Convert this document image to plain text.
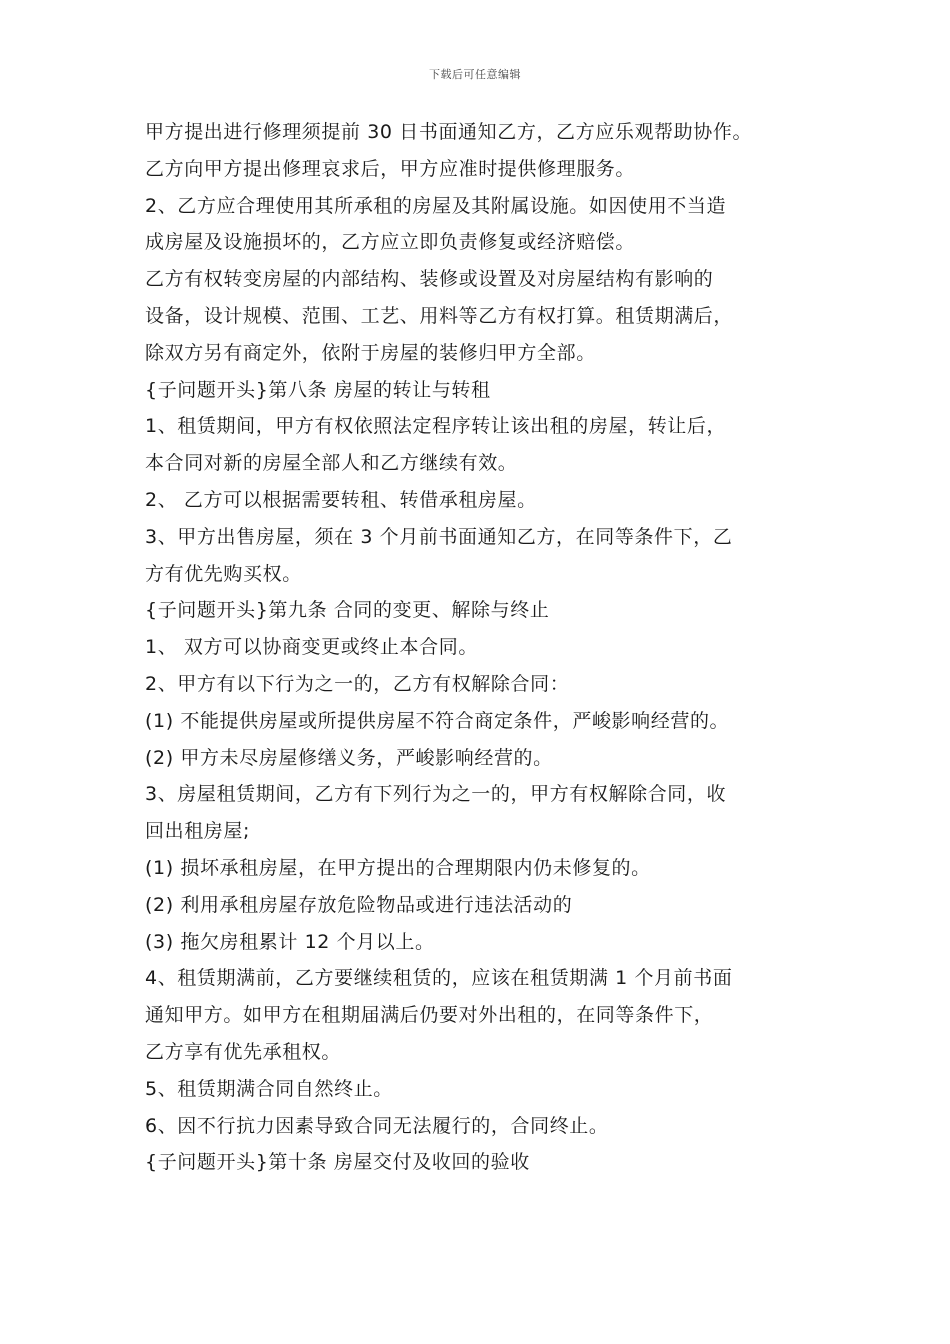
下载后可任意编辑
甲方提出进行修理须提前 30 日书面通知乙方，乙方应乐观帮助协作。
乙方向甲方提出修理哀求后，甲方应准时提供修理服务。
2、乙方应合理使用其所承租的房屋及其附属设施。如因使用不当造
成房屋及设施损坏的，乙方应立即负责修复或经济赔偿。
乙方有权转变房屋的内部结构、装修或设置及对房屋结构有影响的
设备，设计规模、范围、工艺、用料等乙方有权打算。租赁期满后，
除双方另有商定外，依附于房屋的装修归甲方全部。
{子问题开头}第八条 房屋的转让与转租
1、租赁期间，甲方有权依照法定程序转让该出租的房屋，转让后，
本合同对新的房屋全部人和乙方继续有效。
2、 乙方可以根据需要转租、转借承租房屋。
3、甲方出售房屋，须在 3 个月前书面通知乙方，在同等条件下，乙
方有优先购买权。
{子问题开头}第九条 合同的变更、解除与终止
1、 双方可以协商变更或终止本合同。
2、甲方有以下行为之一的，乙方有权解除合同：
(1) 不能提供房屋或所提供房屋不符合商定条件，严峻影响经营的。
(2) 甲方未尽房屋修缮义务，严峻影响经营的。
3、房屋租赁期间，乙方有下列行为之一的，甲方有权解除合同，收
回出租房屋;
(1) 损坏承租房屋，在甲方提出的合理期限内仍未修复的。
(2) 利用承租房屋存放危险物品或进行违法活动的
(3) 拖欠房租累计 12 个月以上。
4、租赁期满前，乙方要继续租赁的，应该在租赁期满 1 个月前书面
通知甲方。如甲方在租期届满后仍要对外出租的，在同等条件下，
乙方享有优先承租权。
5、租赁期满合同自然终止。
6、因不行抗力因素导致合同无法履行的，合同终止。
{子问题开头}第十条 房屋交付及收回的验收
